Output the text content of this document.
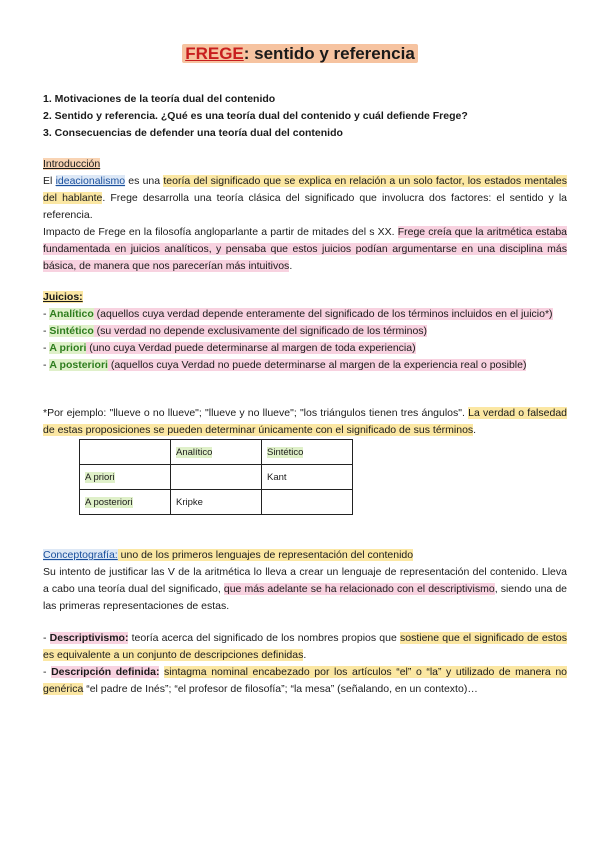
FREGE: sentido y referencia

1. Motivaciones de la teoría dual del contenido

2. Sentido y referencia. ¿Qué es una teoría dual del contenido y cuál defiende Frege?

3. Consecuencias de defender una teoría dual del contenido

Introducción

El ideacionalismo es una teoría del significado que se explica en relación a un solo factor, los estados mentales del hablante. Frege desarrolla una teoría clásica del significado que involucra dos factores: el sentido y la referencia.

Impacto de Frege en la filosofía angloparlante a partir de mitades del s XX. Frege creía que la aritmética estaba fundamentada en juicios analíticos, y pensaba que estos juicios podían argumentarse en una disciplina más básica, de manera que nos parecerían más intuitivos.

Juicios:

- Analítico (aquellos cuya verdad depende enteramente del significado de los términos incluidos en el juicio*)

- Sintético (su verdad no depende exclusivamente del significado de los términos)

- A priori (uno cuya Verdad puede determinarse al margen de toda experiencia)

- A posteriori (aquellos cuya Verdad no puede determinarse al margen de la experiencia real o posible)

*Por ejemplo: "llueve o no llueve"; "llueve y no llueve"; "los triángulos tienen tres ángulos". La verdad o falsedad de estas proposiciones se pueden determinar únicamente con el significado de sus términos.

	Analítico	Sintético
A priori		Kant
A posteriori	Kripke	

Conceptografía: uno de los primeros lenguajes de representación del contenido

Su intento de justificar las V de la aritmética lo lleva a crear un lenguaje de representación del contenido. Lleva a cabo una teoría dual del significado, que más adelante se ha relacionado con el descriptivismo, siendo una de las primeras representaciones de estas.

- Descriptivismo: teoría acerca del significado de los nombres propios que sostiene que el significado de estos es equivalente a un conjunto de descripciones definidas.

- Descripción definida: sintagma nominal encabezado por los artículos “el” o “la” y utilizado de manera no genérica “el padre de Inés”; “el profesor de filosofía”; “la mesa” (señalando, en un contexto)…
